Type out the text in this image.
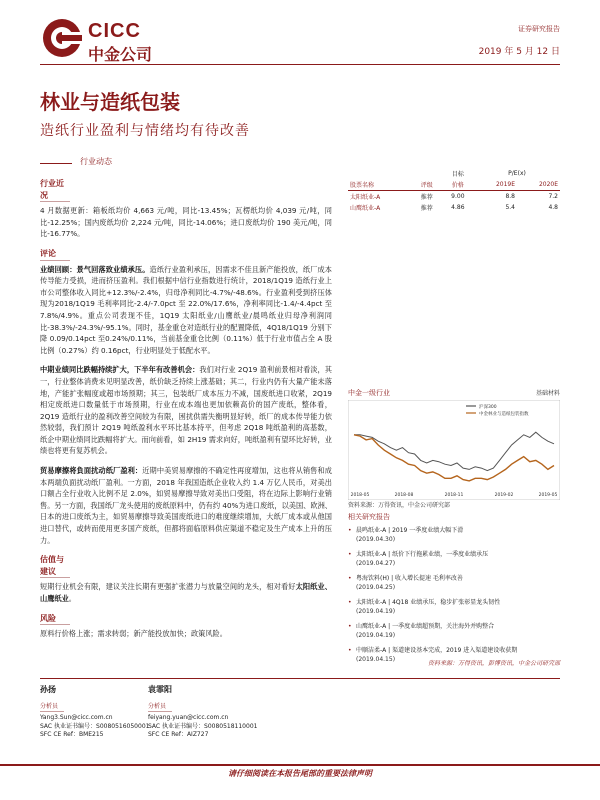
CICC
中金公司
证券研究报告
2019 年 5 月 12 日
林业与造纸包装
造纸行业盈利与情绪均有待改善
行业动态
行业近况

4 月数据更新：箱板纸均价 4,663 元/吨，同比-13.45%；瓦楞纸均价 4,039 元/吨，同比-12.25%；国内废纸均价 2,224 元/吨，同比-14.06%；进口废纸均价 190 美元/吨，同比-16.77%。

评论

业绩回顾：景气回落致业绩承压。造纸行业盈利承压，因需求不佳且新产能投放，纸厂成本传导能力受损，进而挤压盈利。我们根据中信行业指数进行统计，2018/1Q19 造纸行业上市公司整体收入同比+12.3%/-2.4%，归母净利同比-4.7%/-48.6%。行业盈利受到挤压体现为2018/1Q19 毛利率同比-2.4/-7.0pct 至 22.0%/17.6%，净利率同比-1.4/-4.4pct 至 7.8%/4.9%。重点公司表现不佳，1Q19 太阳纸业/山鹰纸业/晨鸣纸业归母净利润同比-38.3%/-24.3%/-95.1%。同时，基金重仓对造纸行业的配置降低，4Q18/1Q19 分别下降 0.09/0.14pct 至0.24%/0.11%，当前基金重仓比例（0.11%）低于行业市值占全 A 股比例（0.27%）约 0.16pct，行业明显处于低配水平。

中期业绩同比跌幅持续扩大，下半年有改善机会：我们对行业 2Q19 盈利前景相对看淡，其一，行业整体消费未见明显改善，纸价缺乏持续上涨基础；其二，行业内仍有大量产能未落地，产能扩张幅度或超市场预期；其三，包装纸厂成本压力不减，国废纸进口收紧，2Q19 相定废纸进口数量低于市场预期，行业在成本端也更加依赖高价的国产废纸，整体看，2Q19 造纸行业的盈利改善空间较为有限，困扰供需失衡明显好转，纸厂的成本传导能力依然较弱，我们预计 2Q19 吨纸盈利水平环比基本持平，但考虑 2Q18 吨纸盈利的高基数，纸企中期业绩同比跌幅将扩大。而向前看，如 2H19 需求向好，吨纸盈利有望环比好转，业绩也将更有复苏机会。

贸易摩擦将負面扰动纸厂盈利：近期中美贸易摩擦的不确定性再度增加，这也将从销售和成本两端负面扰动纸厂盈利。一方面，2018 年我国造纸企业收入约 1.4 万亿人民币，对美出口额占全行业收入比例不足 2.0%，如贸易摩擦导致对美出口受阻，将在边际上影响行业销售。另一方面，我国纸厂龙头使用的废纸原料中，仍有约 40%为进口废纸，以美国、欧洲、日本的进口废纸为主，如贸易摩擦导致美国废纸进口的难度继续增加，大纸厂成本或从他国进口替代，或转而使用更多国产废纸，但都将面临原料供应渠道不稳定及生产成本上升的压力。

估值与建议

短期行业机会有限，建议关注长期有更强扩张潜力与放量空间的龙头，相对看好太阳纸业、山鹰纸业。

风险

原料行价格上涨；需求转弱；新产能投放加快；政策风险。

		目标	P/E(x)	
股票名称	评级	价格	2019E	2020E
太阳纸业-A	推荐	9.00	8.8	7.2
山鹰纸业-A	推荐	4.86	5.4	4.8
中金一级行业	基础材料
沪深300
中金林业与造纸包装指数
2018-05	2018-08	2018-11	2019-02	2019-05
资料来源：万得资讯，中金公司研究部
相关研究报告
• 晨鸣纸业-A | 2019 一季度业绩大幅下滑
(2019.04.30)
• 太阳纸业-A | 纸价下行拖累业绩，一季度业绩承压
(2019.04.27)
• 粤海饮料(H) | 收入增长提速 毛利率改善
(2019.04.25)
• 太阳纸业-A | 4Q18 业绩承压，稳步扩张彰显龙头韧性
(2019.04.19)
• 山鹰纸业-A | 一季度业绩超预期，关注海外并购整合
(2019.04.19)
• 中顺洁柔-A | 渠道建设基本完成，2019 进入渠道建设收获期
(2019.04.15)
资料来源：万得资讯，彭博资讯，中金公司研究部
孙扬
分析员
Yang3.Sun@cicc.com.cn
SAC 执业证书编号：S0080516050001
SFC CE Ref：BME215
袁霏阳
分析员
feiyang.yuan@cicc.com.cn
SAC 执业证书编号：S0080518110001
SFC CE Ref：AIZ727
请仔细阅读在本报告尾部的重要法律声明
